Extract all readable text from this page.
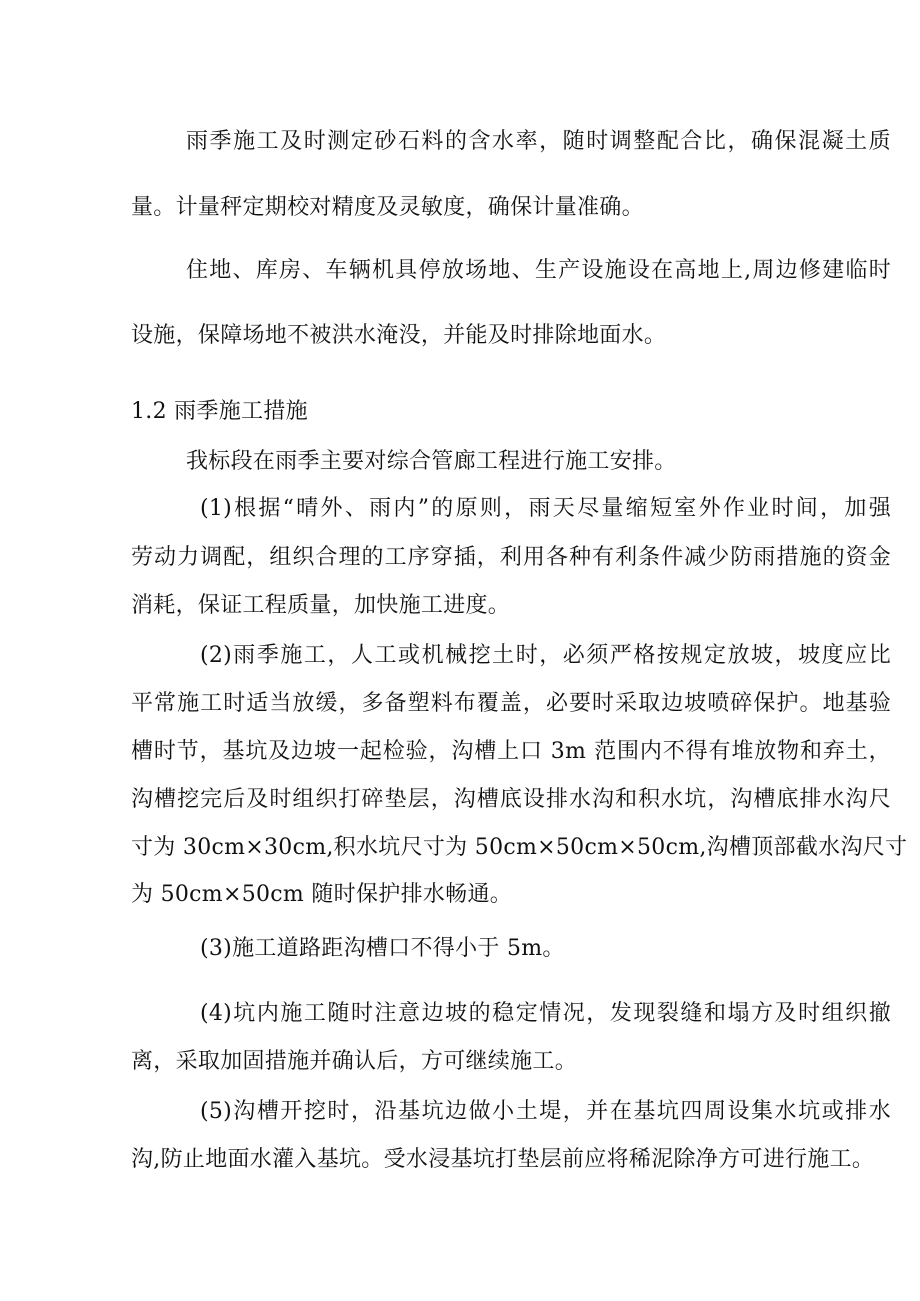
雨季施工及时测定砂石料的含水率，随时调整配合比，确保混凝土质
量。计量秤定期校对精度及灵敏度，确保计量准确。
住地、库房、车辆机具停放场地、生产设施设在高地上,周边修建临时
设施，保障场地不被洪水淹没，并能及时排除地面水。
1.2 雨季施工措施
我标段在雨季主要对综合管廊工程进行施工安排。
(1)根据“晴外、雨内”的原则，雨天尽量缩短室外作业时间，加强
劳动力调配，组织合理的工序穿插，利用各种有利条件减少防雨措施的资金
消耗，保证工程质量，加快施工进度。
(2)雨季施工，人工或机械挖土时，必须严格按规定放坡，坡度应比
平常施工时适当放缓，多备塑料布覆盖，必要时采取边坡喷碎保护。地基验
槽时节，基坑及边坡一起检验，沟槽上口 3m 范围内不得有堆放物和弃土，
沟槽挖完后及时组织打碎垫层，沟槽底设排水沟和积水坑，沟槽底排水沟尺
寸为 30cm×30cm,积水坑尺寸为 50cm×50cm×50cm,沟槽顶部截水沟尺寸
为 50cm×50cm 随时保护排水畅通。
(3)施工道路距沟槽口不得小于 5m。
(4)坑内施工随时注意边坡的稳定情况，发现裂缝和塌方及时组织撤
离，采取加固措施并确认后，方可继续施工。
(5)沟槽开挖时，沿基坑边做小土堤，并在基坑四周设集水坑或排水
沟,防止地面水灌入基坑。受水浸基坑打垫层前应将稀泥除净方可进行施工。
